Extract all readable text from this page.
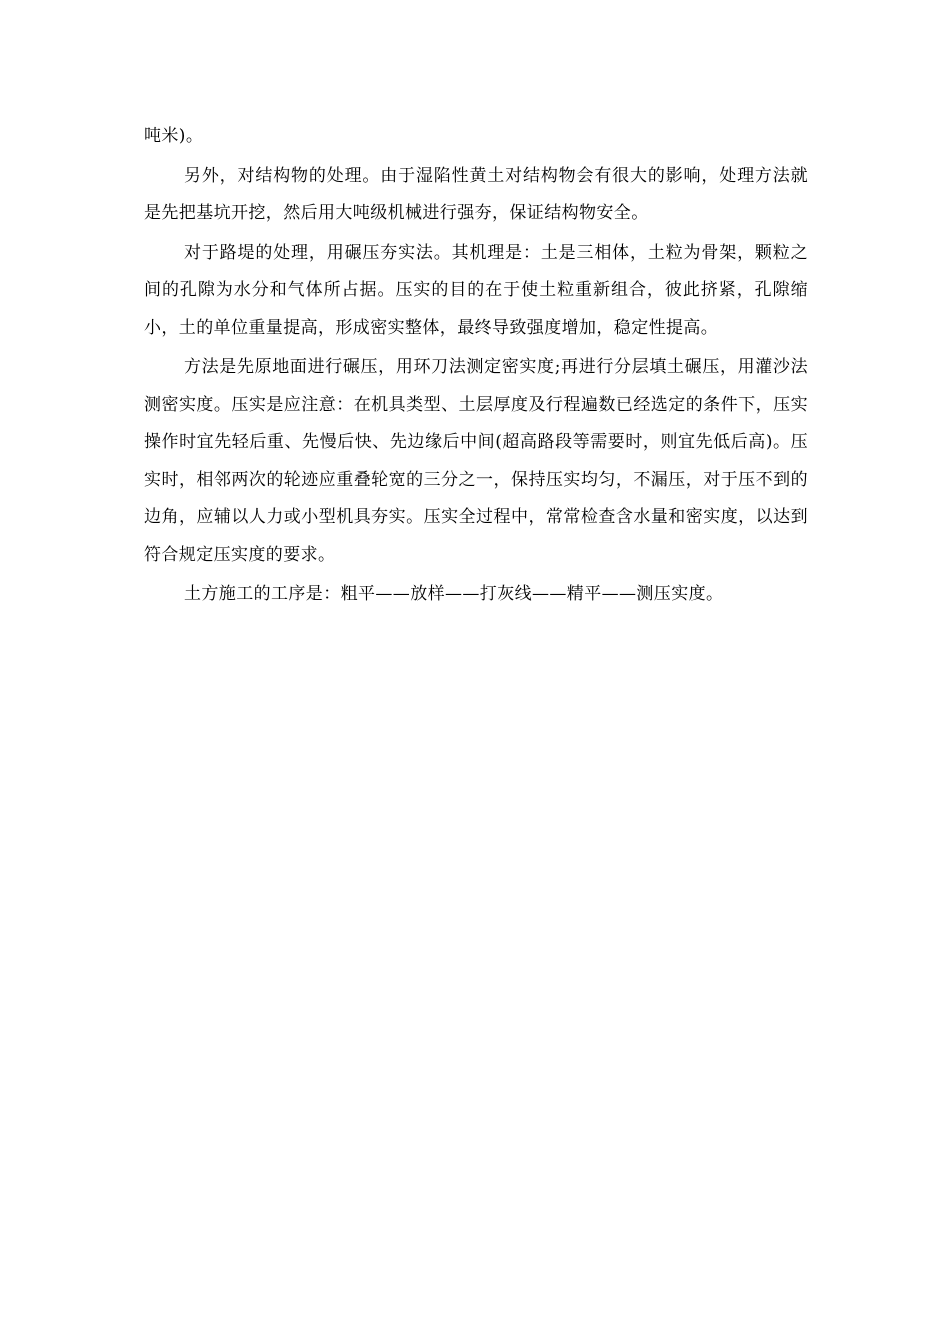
吨米)。

另外，对结构物的处理。由于湿陷性黄土对结构物会有很大的影响，处理方法就是先把基坑开挖，然后用大吨级机械进行强夯，保证结构物安全。

对于路堤的处理，用碾压夯实法。其机理是：土是三相体，土粒为骨架，颗粒之间的孔隙为水分和气体所占据。压实的目的在于使土粒重新组合，彼此挤紧，孔隙缩小，土的单位重量提高，形成密实整体，最终导致强度增加，稳定性提高。

方法是先原地面进行碾压，用环刀法测定密实度;再进行分层填土碾压，用灌沙法测密实度。压实是应注意：在机具类型、土层厚度及行程遍数已经选定的条件下，压实操作时宜先轻后重、先慢后快、先边缘后中间(超高路段等需要时，则宜先低后高)。压实时，相邻两次的轮迹应重叠轮宽的三分之一，保持压实均匀，不漏压，对于压不到的边角，应辅以人力或小型机具夯实。压实全过程中，常常检查含水量和密实度，以达到符合规定压实度的要求。

土方施工的工序是：粗平——放样——打灰线——精平——测压实度。
